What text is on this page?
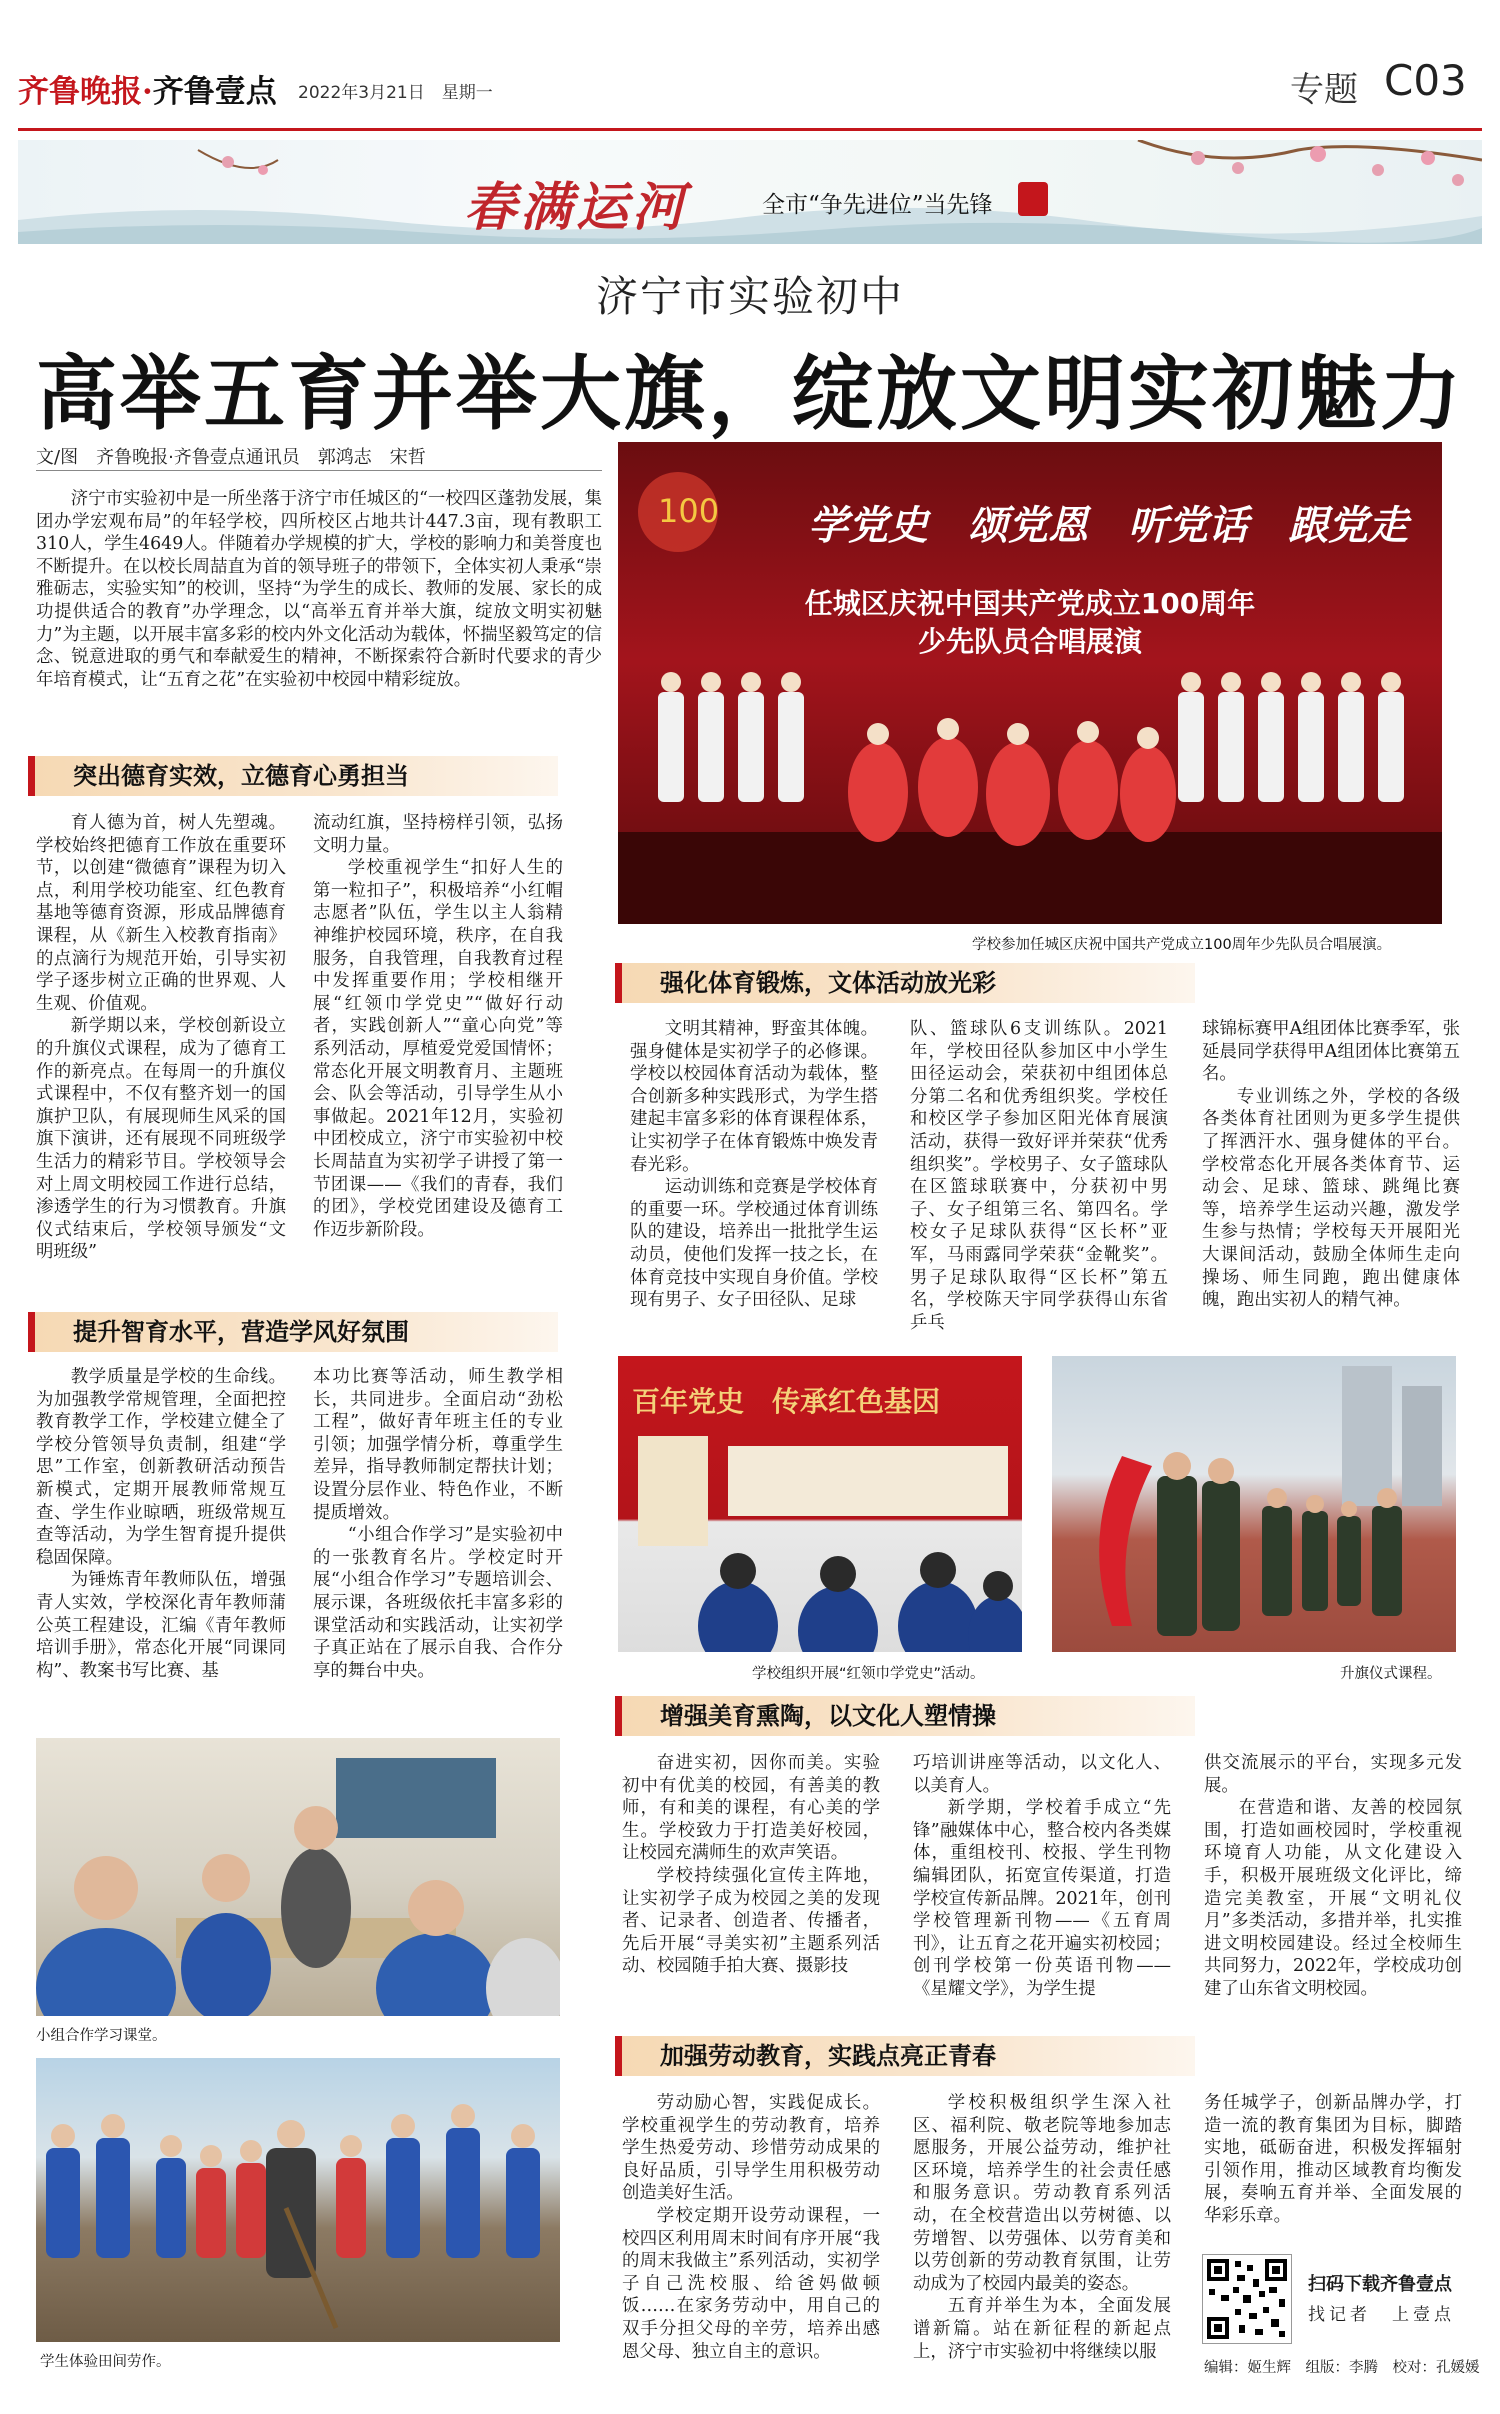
齐鲁晚报·齐鲁壹点 2022年3月21日　星期一	专题 C03
春满运河	全市“争先进位”当先锋
济宁市实验初中
高举五育并举大旗，绽放文明实初魅力
文/图　齐鲁晚报·齐鲁壹点通讯员　郭鸿志　宋哲

济宁市实验初中是一所坐落于济宁市任城区的“一校四区蓬勃发展，集团办学宏观布局”的年轻学校，四所校区占地共计447.3亩，现有教职工310人，学生4649人。伴随着办学规模的扩大，学校的影响力和美誉度也不断提升。在以校长周喆直为首的领导班子的带领下，全体实初人秉承“崇雅砺志，实验实知”的校训，坚持“为学生的成长、教师的发展、家长的成功提供适合的教育”办学理念，以“高举五育并举大旗，绽放文明实初魅力”为主题，以开展丰富多彩的校内外文化活动为载体，怀揣坚毅笃定的信念、锐意进取的勇气和奉献爱生的精神，不断探索符合新时代要求的青少年培育模式，让“五育之花”在实验初中校园中精彩绽放。

100 学党史　颂党恩　听党话　跟党走
任城区庆祝中国共产党成立100周年
少先队员合唱展演
学校参加任城区庆祝中国共产党成立100周年少先队员合唱展演。
突出德育实效，立德育心勇担当

育人德为首，树人先塑魂。学校始终把德育工作放在重要环节，以创建“微德育”课程为切入点，利用学校功能室、红色教育基地等德育资源，形成品牌德育课程，从《新生入校教育指南》的点滴行为规范开始，引导实初学子逐步树立正确的世界观、人生观、价值观。

新学期以来，学校创新设立的升旗仪式课程，成为了德育工作的新亮点。在每周一的升旗仪式课程中，不仅有整齐划一的国旗护卫队，有展现师生风采的国旗下演讲，还有展现不同班级学生活力的精彩节目。学校领导会对上周文明校园工作进行总结，渗透学生的行为习惯教育。升旗仪式结束后，学校领导颁发“文明班级”

流动红旗，坚持榜样引领，弘扬文明力量。

学校重视学生“扣好人生的第一粒扣子”，积极培养“小红帽志愿者”队伍，学生以主人翁精神维护校园环境，秩序，在自我服务，自我管理，自我教育过程中发挥重要作用；学校相继开展“红领巾学党史”“做好行动者，实践创新人”“童心向党”等系列活动，厚植爱党爱国情怀；常态化开展文明教育月、主题班会、队会等活动，引导学生从小事做起。2021年12月，实验初中团校成立，济宁市实验初中校长周喆直为实初学子讲授了第一节团课——《我们的青春，我们的团》，学校党团建设及德育工作迈步新阶段。

提升智育水平，营造学风好氛围

教学质量是学校的生命线。为加强教学常规管理，全面把控教育教学工作，学校建立健全了学校分管领导负责制，组建“学思”工作室，创新教研活动预告新模式，定期开展教师常规互查、学生作业晾晒，班级常规互查等活动，为学生智育提升提供稳固保障。

为锤炼青年教师队伍，增强青人实效，学校深化青年教师蒲公英工程建设，汇编《青年教师培训手册》，常态化开展“同课同构”、教案书写比赛、基

本功比赛等活动，师生教学相长，共同进步。全面启动“劲松工程”，做好青年班主任的专业引领；加强学情分析，尊重学生差异，指导教师制定帮扶计划；设置分层作业、特色作业，不断提质增效。

“小组合作学习”是实验初中的一张教育名片。学校定时开展“小组合作学习”专题培训会、展示课，各班级依托丰富多彩的课堂活动和实践活动，让实初学子真正站在了展示自我、合作分享的舞台中央。

小组合作学习课堂。
学生体验田间劳作。
强化体育锻炼，文体活动放光彩

文明其精神，野蛮其体魄。强身健体是实初学子的必修课。学校以校园体育活动为载体，整合创新多种实践形式，为学生搭建起丰富多彩的体育课程体系，让实初学子在体育锻炼中焕发青春光彩。

运动训练和竞赛是学校体育的重要一环。学校通过体育训练队的建设，培养出一批批学生运动员，使他们发挥一技之长，在体育竞技中实现自身价值。学校现有男子、女子田径队、足球

队、篮球队6支训练队。2021年，学校田径队参加区中小学生田径运动会，荣获初中组团体总分第二名和优秀组织奖。学校任和校区学子参加区阳光体育展演活动，获得一致好评并荣获“优秀组织奖”。学校男子、女子篮球队在区篮球联赛中，分获初中男子、女子组第三名、第四名。学校女子足球队获得“区长杯”亚军，马雨露同学荣获“金靴奖”。男子足球队取得“区长杯”第五名，学校陈天宇同学获得山东省乒乓

球锦标赛甲A组团体比赛季军，张延晨同学获得甲A组团体比赛第五名。

专业训练之外，学校的各级各类体育社团则为更多学生提供了挥洒汗水、强身健体的平台。学校常态化开展各类体育节、运动会、足球、篮球、跳绳比赛等，培养学生运动兴趣，激发学生参与热情；学校每天开展阳光大课间活动，鼓励全体师生走向操场、师生同跑，跑出健康体魄，跑出实初人的精气神。

百年党史　传承红色基因
学校组织开展“红领巾学党史”活动。	升旗仪式课程。
增强美育熏陶，以文化人塑情操

奋进实初，因你而美。实验初中有优美的校园，有善美的教师，有和美的课程，有心美的学生。学校致力于打造美好校园，让校园充满师生的欢声笑语。

学校持续强化宣传主阵地，让实初学子成为校园之美的发现者、记录者、创造者、传播者，先后开展“寻美实初”主题系列活动、校园随手拍大赛、摄影技

巧培训讲座等活动，以文化人、以美育人。

新学期，学校着手成立“先锋”融媒体中心，整合校内各类媒体，重组校刊、校报、学生刊物编辑团队，拓宽宣传渠道，打造学校宣传新品牌。2021年，创刊学校管理新刊物——《五育周刊》，让五育之花开遍实初校园；创刊学校第一份英语刊物——《星耀文学》，为学生提

供交流展示的平台，实现多元发展。

在营造和谐、友善的校园氛围，打造如画校园时，学校重视环境育人功能，从文化建设入手，积极开展班级文化评比，缔造完美教室，开展“文明礼仪月”多类活动，多措并举，扎实推进文明校园建设。经过全校师生共同努力，2022年，学校成功创建了山东省文明校园。

加强劳动教育，实践点亮正青春

劳动励心智，实践促成长。学校重视学生的劳动教育，培养学生热爱劳动、珍惜劳动成果的良好品质，引导学生用积极劳动创造美好生活。

学校定期开设劳动课程，一校四区利用周末时间有序开展“我的周末我做主”系列活动，实初学子自己洗校服、给爸妈做顿饭……在家务劳动中，用自己的双手分担父母的辛劳，培养出感恩父母、独立自主的意识。

学校积极组织学生深入社区、福利院、敬老院等地参加志愿服务，开展公益劳动，维护社区环境，培养学生的社会责任感和服务意识。劳动教育系列活动，在全校营造出以劳树德、以劳增智、以劳强体、以劳育美和以劳创新的劳动教育氛围，让劳动成为了校园内最美的姿态。

五育并举生为本，全面发展谱新篇。站在新征程的新起点上，济宁市实验初中将继续以服

务任城学子，创新品牌办学，打造一流的教育集团为目标，脚踏实地，砥砺奋进，积极发挥辐射引领作用，推动区域教育均衡发展，奏响五育并举、全面发展的华彩乐章。

扫码下载齐鲁壹点
找记者　上壹点
编辑：姬生辉　组版：李腾　校对：孔媛媛
